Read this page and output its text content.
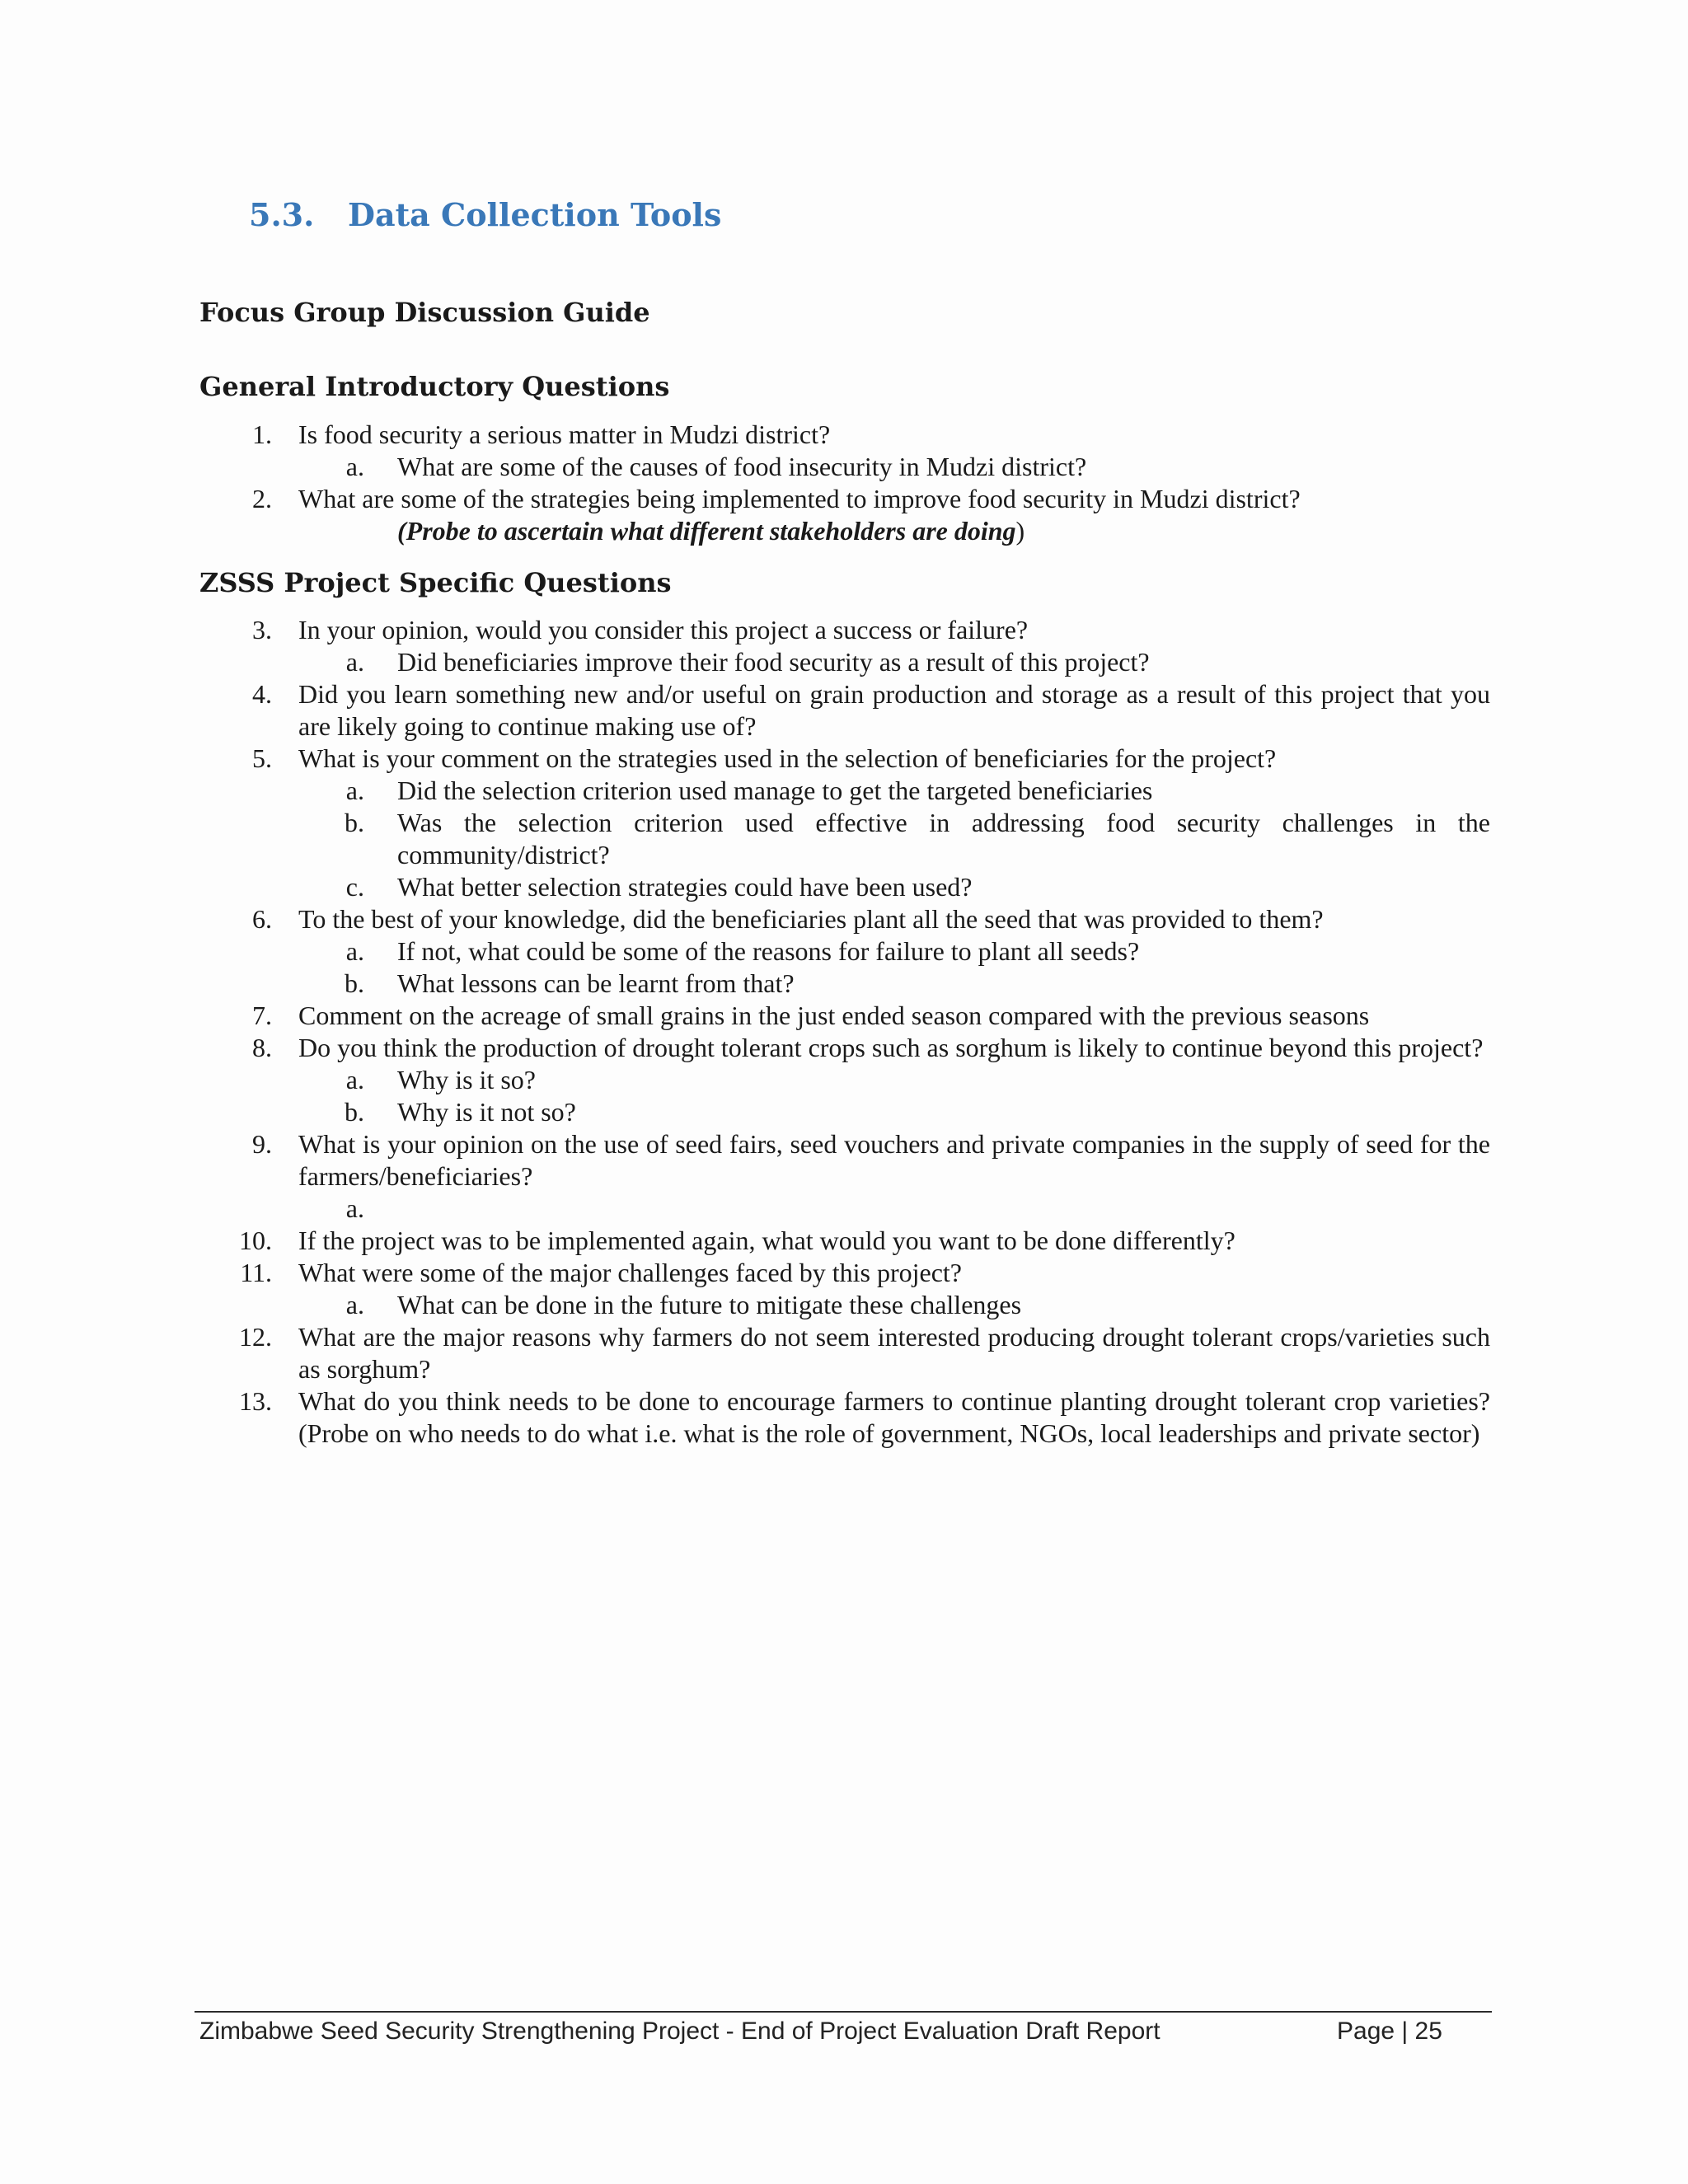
5.3. Data Collection Tools
Focus Group Discussion Guide
General Introductory Questions
1. Is food security a serious matter in Mudzi district?
a. What are some of the causes of food insecurity in Mudzi district?
2. What are some of the strategies being implemented to improve food security in Mudzi district?
(Probe to ascertain what different stakeholders are doing)
ZSSS Project Specific Questions
3. In your opinion, would you consider this project a success or failure?
a. Did beneficiaries improve their food security as a result of this project?
4. Did you learn something new and/or useful on grain production and storage as a result of this project that you are likely going to continue making use of?
5. What is your comment on the strategies used in the selection of beneficiaries for the project?
a. Did the selection criterion used manage to get the targeted beneficiaries
b. Was the selection criterion used effective in addressing food security challenges in the community/district?
c. What better selection strategies could have been used?
6. To the best of your knowledge, did the beneficiaries plant all the seed that was provided to them?
a. If not, what could be some of the reasons for failure to plant all seeds?
b. What lessons can be learnt from that?
7. Comment on the acreage of small grains in the just ended season compared with the previous seasons
8. Do you think the production of drought tolerant crops such as sorghum is likely to continue beyond this project?
a. Why is it so?
b. Why is it not so?
9. What is your opinion on the use of seed fairs, seed vouchers and private companies in the supply of seed for the farmers/beneficiaries?
a.

10. If the project was to be implemented again, what would you want to be done differently?
11. What were some of the major challenges faced by this project?
a. What can be done in the future to mitigate these challenges
12. What are the major reasons why farmers do not seem interested producing drought tolerant crops/varieties such as sorghum?
13. What do you think needs to be done to encourage farmers to continue planting drought tolerant crop varieties? (Probe on who needs to do what i.e. what is the role of government, NGOs, local leaderships and private sector)
Zimbabwe Seed Security Strengthening Project - End of Project Evaluation Draft Report	Page | 25
